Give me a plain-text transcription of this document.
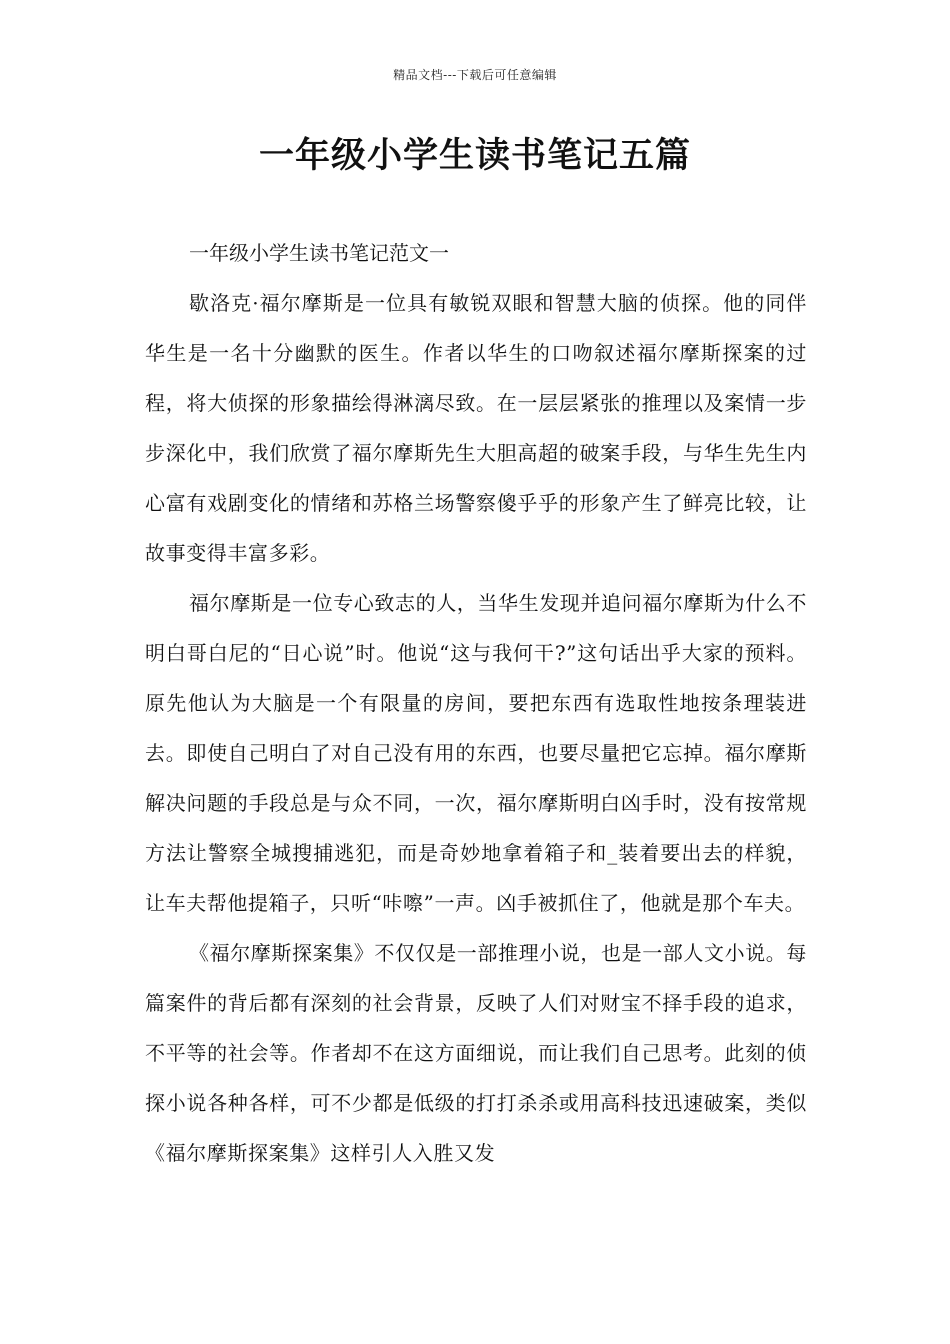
精品文档---下载后可任意编辑
一年级小学生读书笔记五篇

一年级小学生读书笔记范文一

歇洛克·福尔摩斯是一位具有敏锐双眼和智慧大脑的侦探。他的同伴华生是一名十分幽默的医生。作者以华生的口吻叙述福尔摩斯探案的过程，将大侦探的形象描绘得淋漓尽致。在一层层紧张的推理以及案情一步步深化中，我们欣赏了福尔摩斯先生大胆高超的破案手段，与华生先生内心富有戏剧变化的情绪和苏格兰场警察傻乎乎的形象产生了鲜亮比较，让故事变得丰富多彩。

福尔摩斯是一位专心致志的人，当华生发现并追问福尔摩斯为什么不明白哥白尼的“日心说”时。他说“这与我何干?”这句话出乎大家的预料。原先他认为大脑是一个有限量的房间，要把东西有选取性地按条理装进去。即使自己明白了对自己没有用的东西，也要尽量把它忘掉。福尔摩斯解决问题的手段总是与众不同，一次，福尔摩斯明白凶手时，没有按常规方法让警察全城搜捕逃犯，而是奇妙地拿着箱子和_装着要出去的样貌，让车夫帮他提箱子，只听“咔嚓”一声。凶手被抓住了，他就是那个车夫。

《福尔摩斯探案集》不仅仅是一部推理小说，也是一部人文小说。每篇案件的背后都有深刻的社会背景，反映了人们对财宝不择手段的追求，不平等的社会等。作者却不在这方面细说，而让我们自己思考。此刻的侦探小说各种各样，可不少都是低级的打打杀杀或用高科技迅速破案，类似《福尔摩斯探案集》这样引人入胜又发
